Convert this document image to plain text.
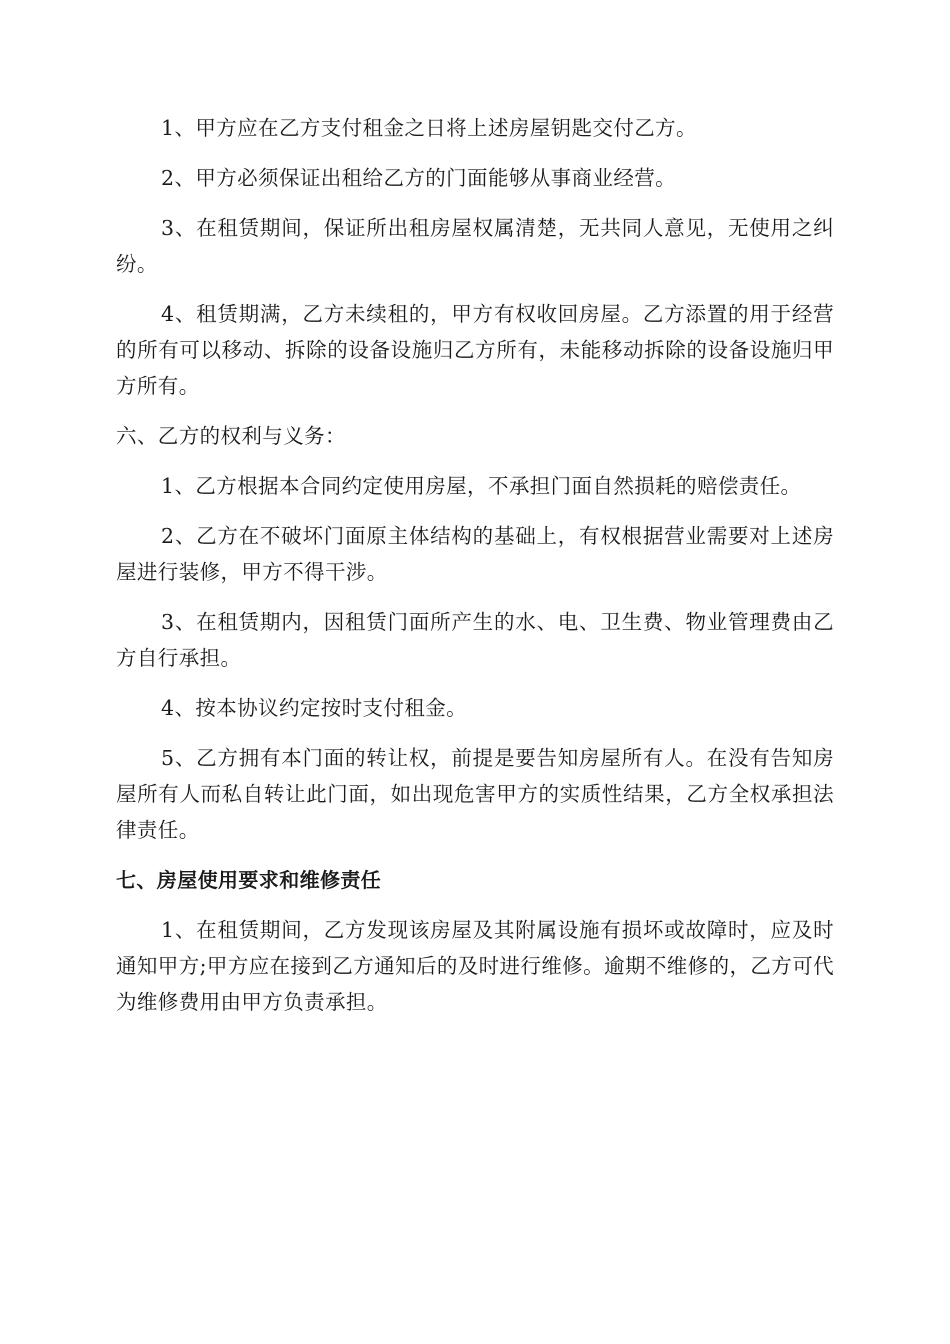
1、甲方应在乙方支付租金之日将上述房屋钥匙交付乙方。

2、甲方必须保证出租给乙方的门面能够从事商业经营。

3、在租赁期间，保证所出租房屋权属清楚，无共同人意见，无使用之纠纷。

4、租赁期满，乙方未续租的，甲方有权收回房屋。乙方添置的用于经营的所有可以移动、拆除的设备设施归乙方所有，未能移动拆除的设备设施归甲方所有。

六、乙方的权利与义务：

1、乙方根据本合同约定使用房屋，不承担门面自然损耗的赔偿责任。

2、乙方在不破坏门面原主体结构的基础上，有权根据营业需要对上述房屋进行装修，甲方不得干涉。

3、在租赁期内，因租赁门面所产生的水、电、卫生费、物业管理费由乙方自行承担。

4、按本协议约定按时支付租金。

5、乙方拥有本门面的转让权，前提是要告知房屋所有人。在没有告知房屋所有人而私自转让此门面，如出现危害甲方的实质性结果，乙方全权承担法律责任。

七、房屋使用要求和维修责任

1、在租赁期间，乙方发现该房屋及其附属设施有损坏或故障时，应及时通知甲方;甲方应在接到乙方通知后的及时进行维修。逾期不维修的，乙方可代为维修费用由甲方负责承担。
